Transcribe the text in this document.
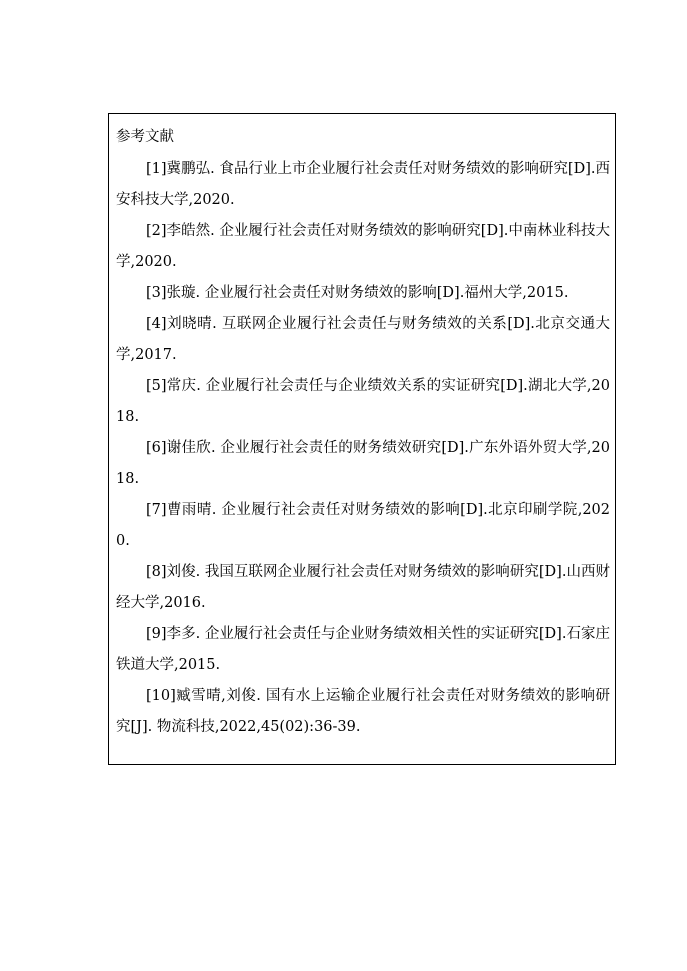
参考文献
[1]冀鹏弘. 食品行业上市企业履行社会责任对财务绩效的影响研究[D].西安科技大学,2020.
[2]李皓然. 企业履行社会责任对财务绩效的影响研究[D].中南林业科技大学,2020.
[3]张璇. 企业履行社会责任对财务绩效的影响[D].福州大学,2015.
[4]刘晓晴. 互联网企业履行社会责任与财务绩效的关系[D].北京交通大学,2017.
[5]常庆. 企业履行社会责任与企业绩效关系的实证研究[D].湖北大学,2018.
[6]谢佳欣. 企业履行社会责任的财务绩效研究[D].广东外语外贸大学,2018.
[7]曹雨晴. 企业履行社会责任对财务绩效的影响[D].北京印刷学院,2020.
[8]刘俊. 我国互联网企业履行社会责任对财务绩效的影响研究[D].山西财经大学,2016.
[9]李多. 企业履行社会责任与企业财务绩效相关性的实证研究[D].石家庄铁道大学,2015.
[10]臧雪晴,刘俊. 国有水上运输企业履行社会责任对财务绩效的影响研究[J]. 物流科技,2022,45(02):36-39.
